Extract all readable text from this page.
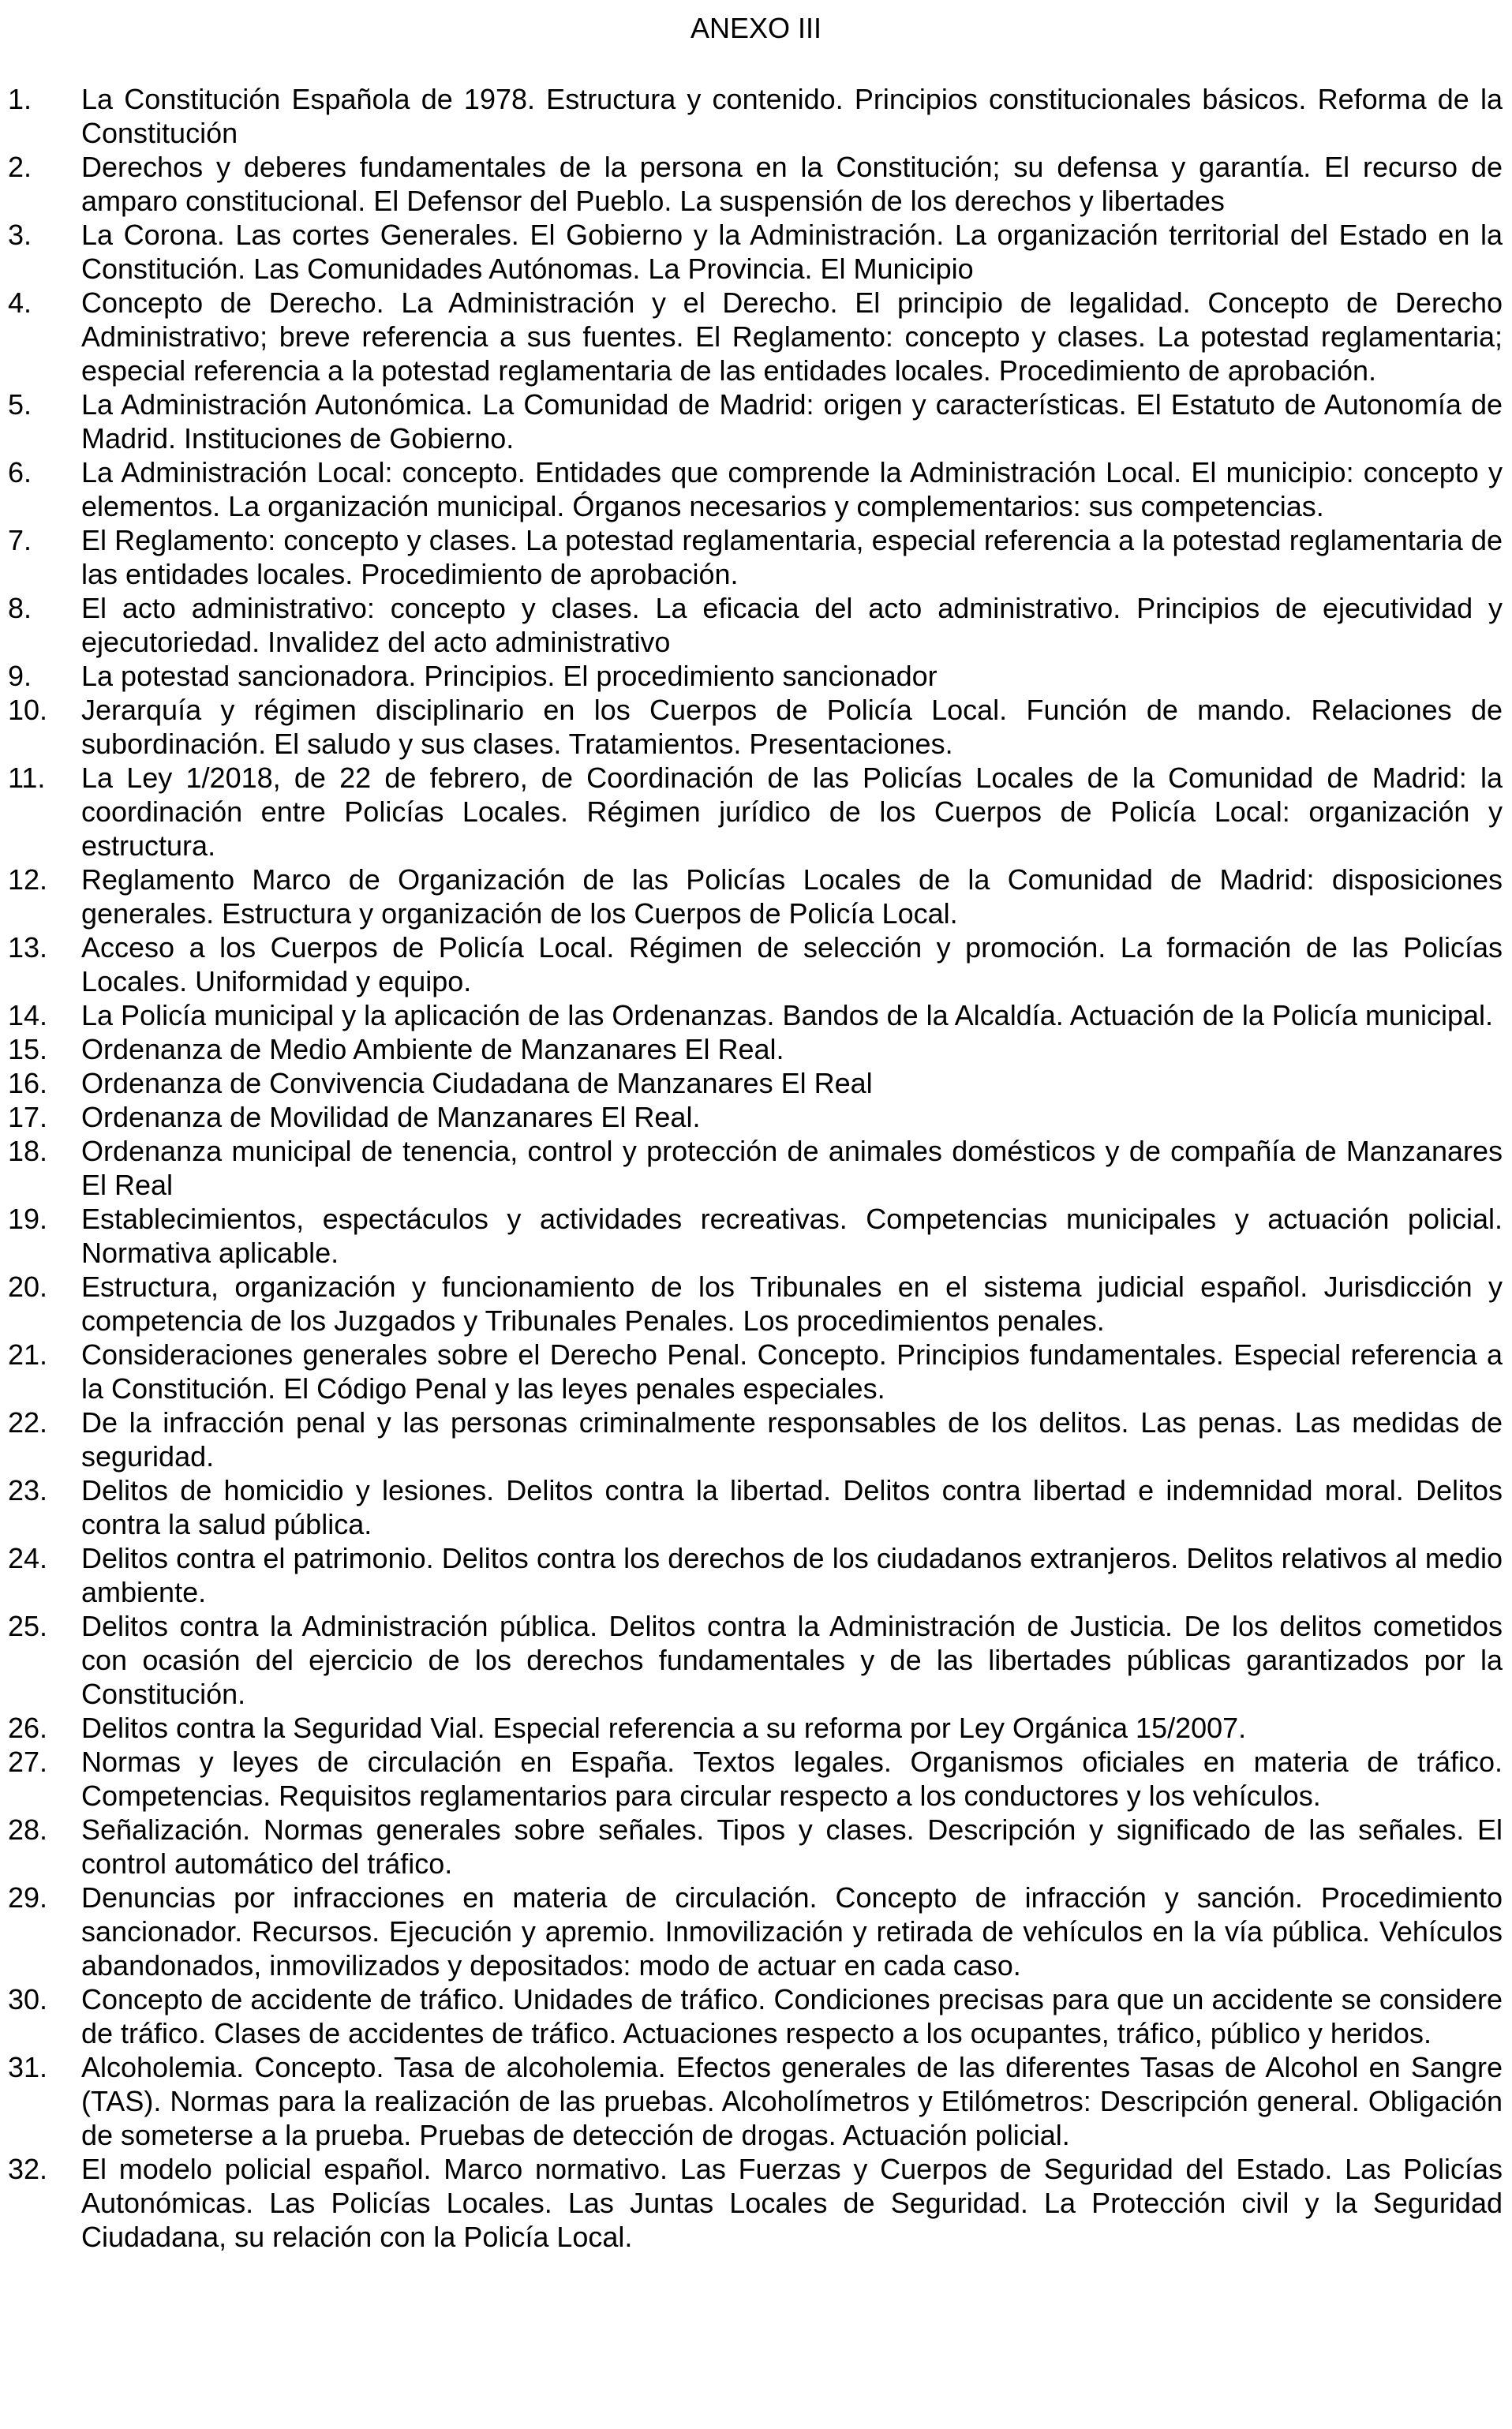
ANEXO III
1.	La Constitución Española de 1978. Estructura y contenido. Principios constitucionales básicos. Reforma de la Constitución
2.	Derechos y deberes fundamentales de la persona en la Constitución; su defensa y garantía. El recurso de amparo constitucional. El Defensor del Pueblo. La suspensión de los derechos y libertades
3.	La Corona. Las cortes Generales. El Gobierno y la Administración. La organización territorial del Estado en la Constitución. Las Comunidades Autónomas. La Provincia. El Municipio
4.	Concepto de Derecho. La Administración y el Derecho. El principio de legalidad. Concepto de Derecho Administrativo; breve referencia a sus fuentes. El Reglamento: concepto y clases. La potestad reglamentaria; especial referencia a la potestad reglamentaria de las entidades locales. Procedimiento de aprobación.
5.	La Administración Autonómica. La Comunidad de Madrid: origen y características. El Estatuto de Autonomía de Madrid. Instituciones de Gobierno.
6.	La Administración Local: concepto. Entidades que comprende la Administración Local. El municipio: concepto y elementos. La organización municipal. Órganos necesarios y complementarios: sus competencias.
7.	El Reglamento: concepto y clases. La potestad reglamentaria, especial referencia a la potestad reglamentaria de las entidades locales. Procedimiento de aprobación.
8.	El acto administrativo: concepto y clases. La eficacia del acto administrativo. Principios de ejecutividad y ejecutoriedad. Invalidez del acto administrativo
9.	La potestad sancionadora. Principios. El procedimiento sancionador
10.	Jerarquía y régimen disciplinario en los Cuerpos de Policía Local. Función de mando. Relaciones de subordinación. El saludo y sus clases. Tratamientos. Presentaciones.
11.	La Ley 1/2018, de 22 de febrero, de Coordinación de las Policías Locales de la Comunidad de Madrid: la coordinación entre Policías Locales. Régimen jurídico de los Cuerpos de Policía Local: organización y estructura.
12.	Reglamento Marco de Organización de las Policías Locales de la Comunidad de Madrid: disposiciones generales. Estructura y organización de los Cuerpos de Policía Local.
13.	Acceso a los Cuerpos de Policía Local. Régimen de selección y promoción. La formación de las Policías Locales. Uniformidad y equipo.
14.	La Policía municipal y la aplicación de las Ordenanzas. Bandos de la Alcaldía. Actuación de la Policía municipal.
15.	Ordenanza de Medio Ambiente de Manzanares El Real.
16.	Ordenanza de Convivencia Ciudadana de Manzanares El Real
17.	Ordenanza de Movilidad de Manzanares El Real.
18.	Ordenanza municipal de tenencia, control y protección de animales domésticos y de compañía de Manzanares El Real
19.	Establecimientos, espectáculos y actividades recreativas. Competencias municipales y actuación policial. Normativa aplicable.
20.	Estructura, organización y funcionamiento de los Tribunales en el sistema judicial español. Jurisdicción y competencia de los Juzgados y Tribunales Penales. Los procedimientos penales.
21.	Consideraciones generales sobre el Derecho Penal. Concepto. Principios fundamentales. Especial referencia a la Constitución. El Código Penal y las leyes penales especiales.
22.	De la infracción penal y las personas criminalmente responsables de los delitos. Las penas. Las medidas de seguridad.
23.	Delitos de homicidio y lesiones. Delitos contra la libertad. Delitos contra libertad e indemnidad moral. Delitos contra la salud pública.
24.	Delitos contra el patrimonio. Delitos contra los derechos de los ciudadanos extranjeros. Delitos relativos al medio ambiente.
25.	Delitos contra la Administración pública. Delitos contra la Administración de Justicia. De los delitos cometidos con ocasión del ejercicio de los derechos fundamentales y de las libertades públicas garantizados por la Constitución.
26.	Delitos contra la Seguridad Vial. Especial referencia a su reforma por Ley Orgánica 15/2007.
27.	Normas y leyes de circulación en España. Textos legales. Organismos oficiales en materia de tráfico. Competencias. Requisitos reglamentarios para circular respecto a los conductores y los vehículos.
28.	Señalización. Normas generales sobre señales. Tipos y clases. Descripción y significado de las señales. El control automático del tráfico.
29.	Denuncias por infracciones en materia de circulación. Concepto de infracción y sanción. Procedimiento sancionador. Recursos. Ejecución y apremio. Inmovilización y retirada de vehículos en la vía pública. Vehículos abandonados, inmovilizados y depositados: modo de actuar en cada caso.
30.	Concepto de accidente de tráfico. Unidades de tráfico. Condiciones precisas para que un accidente se considere de tráfico. Clases de accidentes de tráfico. Actuaciones respecto a los ocupantes, tráfico, público y heridos.
31.	Alcoholemia. Concepto. Tasa de alcoholemia. Efectos generales de las diferentes Tasas de Alcohol en Sangre (TAS). Normas para la realización de las pruebas. Alcoholímetros y Etilómetros: Descripción general. Obligación de someterse a la prueba. Pruebas de detección de drogas. Actuación policial.
32.	El modelo policial español. Marco normativo. Las Fuerzas y Cuerpos de Seguridad del Estado. Las Policías Autonómicas. Las Policías Locales. Las Juntas Locales de Seguridad. La Protección civil y la Seguridad Ciudadana, su relación con la Policía Local.
